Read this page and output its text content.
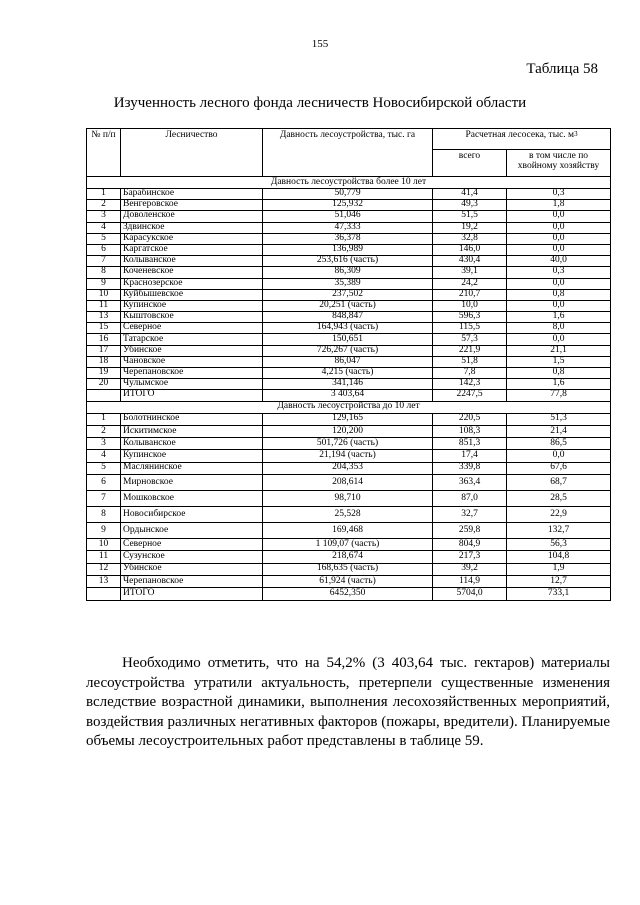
155
Таблица 58
Изученность лесного фонда лесничеств Новосибирской области
№ п/п	Лесничество	Давность лесоустройства, тыс. га	Расчетная лесосека, тыс. $м^3$
			всего	в том числе по хвойному хозяйству
Давность лесоустройства более 10 лет				
1	Барабинское	50,779	41,4	0,3
2	Венгеровское	125,932	49,3	1,8
3	Доволенское	51,046	51,5	0,0
4	Здвинское	47,333	19,2	0,0
5	Карасукское	36,378	32,8	0,0
6	Каргатское	136,989	146,0	0,0
7	Колыванское	253,616 (часть)	430,4	40,0
8	Коченевское	86,309	39,1	0,3
9	Краснозерское	35,389	24,2	0,0
10	Куйбышевское	237,502	210,7	0,8
11	Купинское	20,251 (часть)	10,0	0,0
13	Кыштовское	848,847	596,3	1,6
15	Северное	164,943 (часть)	115,5	8,0
16	Татарское	150,651	57,3	0,0
17	Убинское	726,267 (часть)	221,9	21,1
18	Чановское	86,047	51,8	1,5
19	Черепановское	4,215 (часть)	7,8	0,8
20	Чулымское	341,146	142,3	1,6
	ИТОГО	3 403,64	2247,5	77,8
Давность лесоустройства до 10 лет				
1	Болотнинское	129,165	220,5	51,3
2	Искитимское	120,200	108,3	21,4
3	Колыванское	501,726 (часть)	851,3	86,5
4	Купинское	21,194 (часть)	17,4	0,0
5	Маслянинское	204,353	339,8	67,6
6	Мирновское	208,614	363,4	68,7
7	Мошковское	98,710	87,0	28,5
8	Новосибирское	25,528	32,7	22,9
9	Ордынское	169,468	259,8	132,7
10	Северное	1 109,07 (часть)	804,9	56,3
11	Сузунское	218,674	217,3	104,8
12	Убинское	168,635 (часть)	39,2	1,9
13	Черепановское	61,924 (часть)	114,9	12,7
	ИТОГО	6452,350	5704,0	733,1

Необходимо отметить, что на 54,2% (3 403,64 тыс. гектаров) материалы лесоустройства утратили актуальность, претерпели существенные изменения вследствие возрастной динамики, выполнения лесохозяйственных мероприятий, воздействия различных негативных факторов (пожары, вредители). Планируемые объемы лесоустроительных работ представлены в таблице 59.
